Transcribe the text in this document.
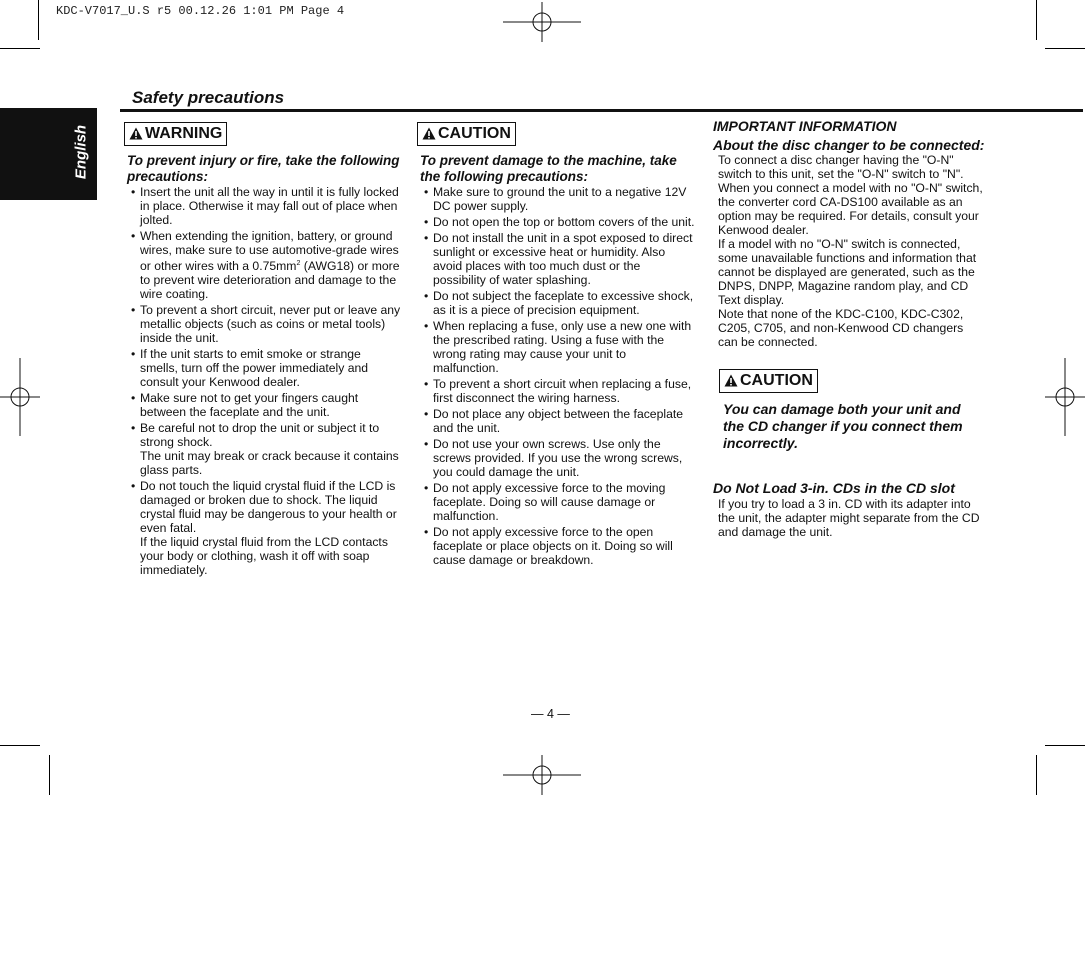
KDC-V7017_U.S r5 00.12.26 1:01 PM Page 4
English
Safety precautions
WARNING
To prevent injury or fire, take the following precautions:
• Insert the unit all the way in until it is fully locked in place. Otherwise it may fall out of place when jolted.
• When extending the ignition, battery, or ground wires, make sure to use automotive-grade wires or other wires with a $0.75mm^2$ (AWG18) or more to prevent wire deterioration and damage to the wire coating.
• To prevent a short circuit, never put or leave any metallic objects (such as coins or metal tools) inside the unit.
• If the unit starts to emit smoke or strange smells, turn off the power immediately and consult your Kenwood dealer.
• Make sure not to get your fingers caught between the faceplate and the unit.
• Be careful not to drop the unit or subject it to strong shock.
The unit may break or crack because it contains glass parts.
• Do not touch the liquid crystal fluid if the LCD is damaged or broken due to shock. The liquid crystal fluid may be dangerous to your health or even fatal.
If the liquid crystal fluid from the LCD contacts your body or clothing, wash it off with soap immediately.
CAUTION
To prevent damage to the machine, take the following precautions:
• Make sure to ground the unit to a negative 12V DC power supply.
• Do not open the top or bottom covers of the unit.
• Do not install the unit in a spot exposed to direct sunlight or excessive heat or humidity. Also avoid places with too much dust or the possibility of water splashing.
• Do not subject the faceplate to excessive shock, as it is a piece of precision equipment.
• When replacing a fuse, only use a new one with the prescribed rating. Using a fuse with the wrong rating may cause your unit to malfunction.
• To prevent a short circuit when replacing a fuse, first disconnect the wiring harness.
• Do not place any object between the faceplate and the unit.
• Do not use your own screws. Use only the screws provided. If you use the wrong screws, you could damage the unit.
• Do not apply excessive force to the moving faceplate. Doing so will cause damage or malfunction.
• Do not apply excessive force to the open faceplate or place objects on it. Doing so will cause damage or breakdown.
IMPORTANT INFORMATION
About the disc changer to be connected:

To connect a disc changer having the "O-N" switch to this unit, set the "O-N" switch to "N".
When you connect a model with no "O-N" switch, the converter cord CA-DS100 available as an option may be required. For details, consult your Kenwood dealer.
If a model with no "O-N" switch is connected, some unavailable functions and information that cannot be displayed are generated, such as the DNPS, DNPP, Magazine random play, and CD Text display.
Note that none of the KDC-C100, KDC-C302, C205, C705, and non-Kenwood CD changers can be connected.

CAUTION
You can damage both your unit and the CD changer if you connect them incorrectly.
Do Not Load 3-in. CDs in the CD slot

If you try to load a 3 in. CD with its adapter into the unit, the adapter might separate from the CD and damage the unit.

— 4 —
